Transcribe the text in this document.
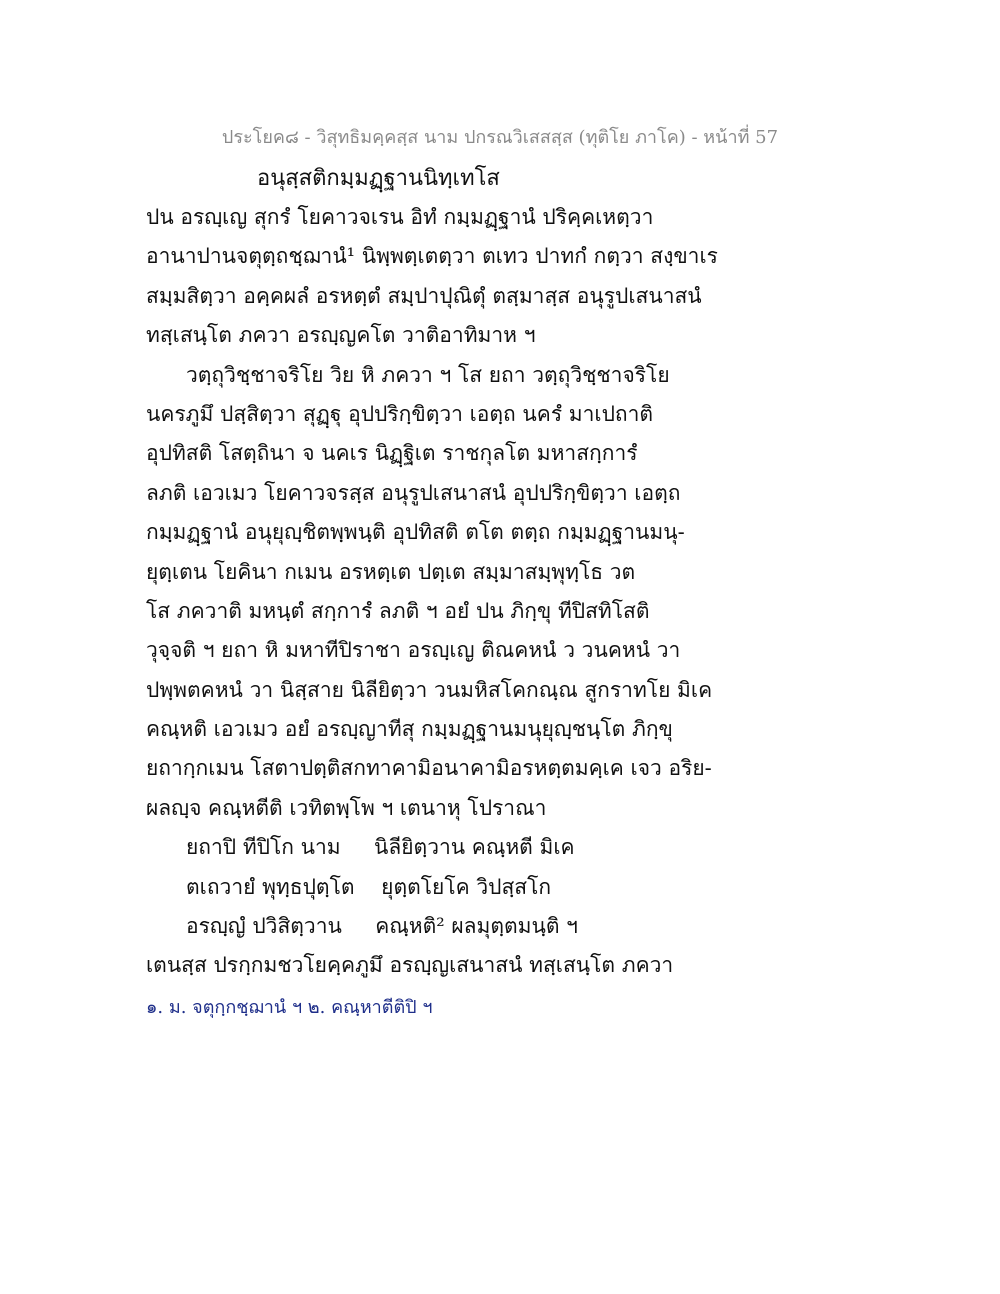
ประโยค๘ - วิสุทธิมคฺคสฺส นาม ปกรณวิเสสสฺส (ทุติโย ภาโค) - หน้าที่ 57
อนุสฺสติกมฺมฏฺฐานนิทฺเทโส
ปน อรญฺเญ สุกรํ โยคาวจเรน อิทํ กมฺมฏฺฐานํ ปริคฺคเหตฺวา
อานาปานจตุตฺถชฺฌานํ¹ นิพฺพตฺเตตฺวา ตเทว ปาทกํ กตฺวา สงฺขาเร
สมฺมสิตฺวา อคฺคผลํ อรหตฺตํ สมฺปาปุณิตุํ ตสฺมาสฺส อนุรูปเสนาสนํ
ทสฺเสนฺโต ภควา อรญฺญคโต วาติอาทิมาห ฯ
วตฺถุวิชฺชาจริโย วิย หิ ภควา ฯ โส ยถา วตฺถุวิชฺชาจริโย
นครภูมึ ปสฺสิตฺวา สุฏฺฐุ อุปปริกฺขิตฺวา เอตฺถ นครํ มาเปถาติ
อุปทิสติ โสตฺถินา จ นคเร นิฏฺฐิเต ราชกุลโต มหาสกฺการํ
ลภติ เอวเมว โยคาวจรสฺส อนุรูปเสนาสนํ อุปปริกฺขิตฺวา เอตฺถ
กมฺมฏฺฐานํ อนุยุญฺชิตพฺพนฺติ อุปทิสติ ตโต ตตฺถ กมฺมฏฺฐานมนุ-
ยุตฺเตน โยคินา กเมน อรหตฺเต ปตฺเต สมฺมาสมฺพุทฺโธ วต
โส ภควาติ มหนฺตํ สกฺการํ ลภติ ฯ อยํ ปน ภิกฺขุ ทีปิสทิโสติ
วุจฺจติ ฯ ยถา หิ มหาทีปิราชา อรญฺเญ ติณคหนํ ว วนคหนํ วา
ปพฺพตคหนํ วา นิสฺสาย นิลียิตฺวา วนมหิสโคกณฺณ สูกราทโย มิเค
คณฺหติ เอวเมว อยํ อรญฺญาทีสุ กมฺมฏฺฐานมนุยุญฺชนฺโต ภิกฺขุ
ยถากฺกเมน โสตาปตฺติสกทาคามิอนาคามิอรหตฺตมคฺเค เจว อริย-
ผลญฺจ คณฺหตีติ เวทิตพฺโพ ฯ เตนาหุ โปราณา
ยถาปิ ทีปิโก นาม     นิลียิตฺวาน คณฺหตี มิเค
ตเถวายํ พุทฺธปุตฺโต    ยุตฺตโยโค วิปสฺสโก
อรญฺญํ ปวิสิตฺวาน     คณฺหติ² ผลมุตฺตมนฺติ ฯ
เตนสฺส ปรกฺกมชวโยคฺคภูมึ อรญฺญเสนาสนํ ทสฺเสนฺโต ภควา
๑. ม. จตุกฺกชฺฌานํ ฯ ๒. คณฺหาตีติปิ ฯ
